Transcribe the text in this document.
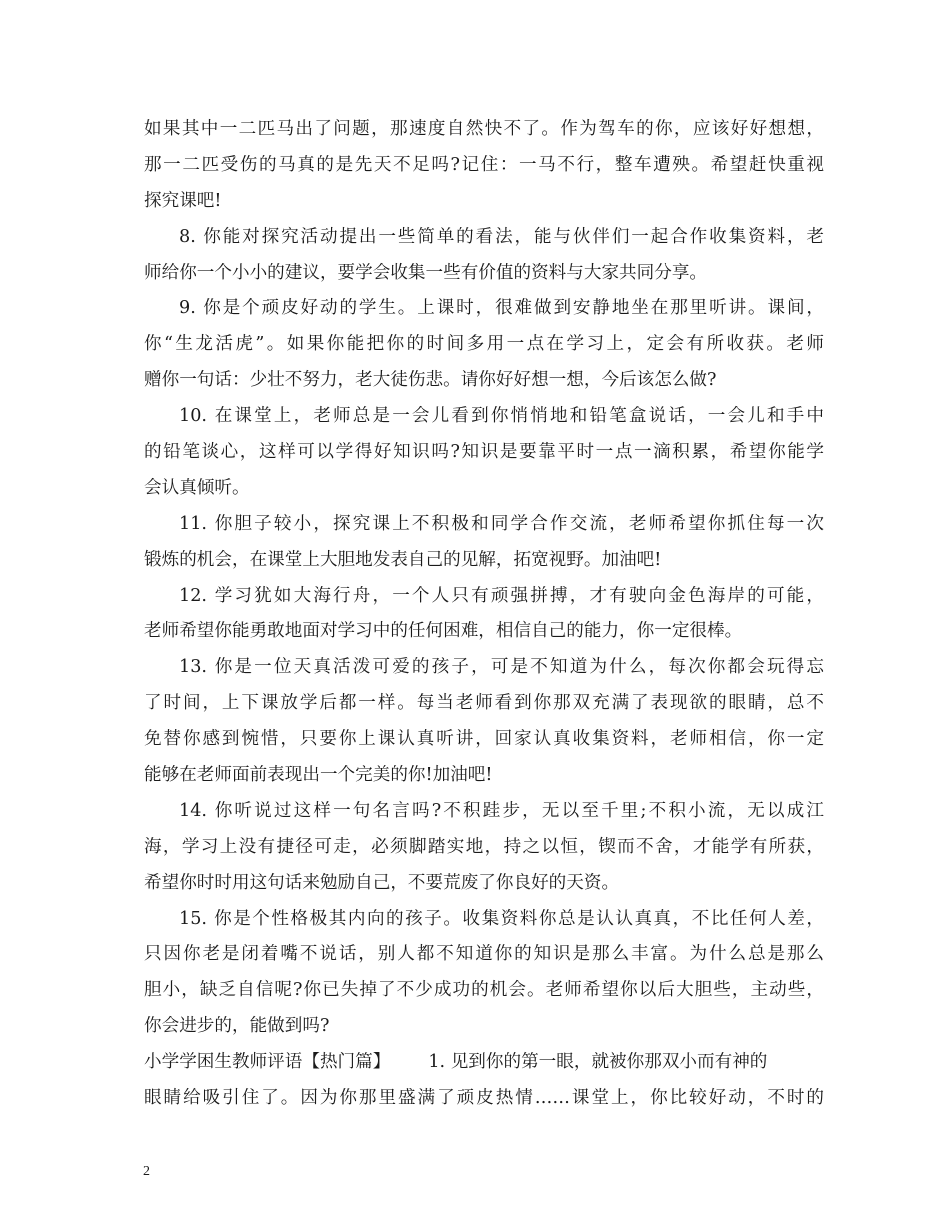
如果其中一二匹马出了问题，那速度自然快不了。作为驾车的你，应该好好想想，
那一二匹受伤的马真的是先天不足吗?记住：一马不行，整车遭殃。希望赶快重视
探究课吧!
8. 你能对探究活动提出一些简单的看法，能与伙伴们一起合作收集资料，老
师给你一个小小的建议，要学会收集一些有价值的资料与大家共同分享。
9. 你是个顽皮好动的学生。上课时，很难做到安静地坐在那里听讲。课间，
你“生龙活虎”。如果你能把你的时间多用一点在学习上，定会有所收获。老师
赠你一句话：少壮不努力，老大徒伤悲。请你好好想一想，今后该怎么做?
10. 在课堂上，老师总是一会儿看到你悄悄地和铅笔盒说话，一会儿和手中
的铅笔谈心，这样可以学得好知识吗?知识是要靠平时一点一滴积累，希望你能学
会认真倾听。
11. 你胆子较小，探究课上不积极和同学合作交流，老师希望你抓住每一次
锻炼的机会，在课堂上大胆地发表自己的见解，拓宽视野。加油吧!
12. 学习犹如大海行舟，一个人只有顽强拼搏，才有驶向金色海岸的可能，
老师希望你能勇敢地面对学习中的任何困难，相信自己的能力，你一定很棒。
13. 你是一位天真活泼可爱的孩子，可是不知道为什么，每次你都会玩得忘
了时间，上下课放学后都一样。每当老师看到你那双充满了表现欲的眼睛，总不
免替你感到惋惜，只要你上课认真听讲，回家认真收集资料，老师相信，你一定
能够在老师面前表现出一个完美的你!加油吧!
14. 你听说过这样一句名言吗?不积跬步，无以至千里;不积小流，无以成江
海，学习上没有捷径可走，必须脚踏实地，持之以恒，锲而不舍，才能学有所获，
希望你时时用这句话来勉励自己，不要荒废了你良好的天资。
15. 你是个性格极其内向的孩子。收集资料你总是认认真真，不比任何人差，
只因你老是闭着嘴不说话，别人都不知道你的知识是那么丰富。为什么总是那么
胆小，缺乏自信呢?你已失掉了不少成功的机会。老师希望你以后大胆些，主动些，
你会进步的，能做到吗?
小学学困生教师评语【热门篇】 1. 见到你的第一眼，就被你那双小而有神的
眼睛给吸引住了。因为你那里盛满了顽皮热情……课堂上，你比较好动，不时的
2
